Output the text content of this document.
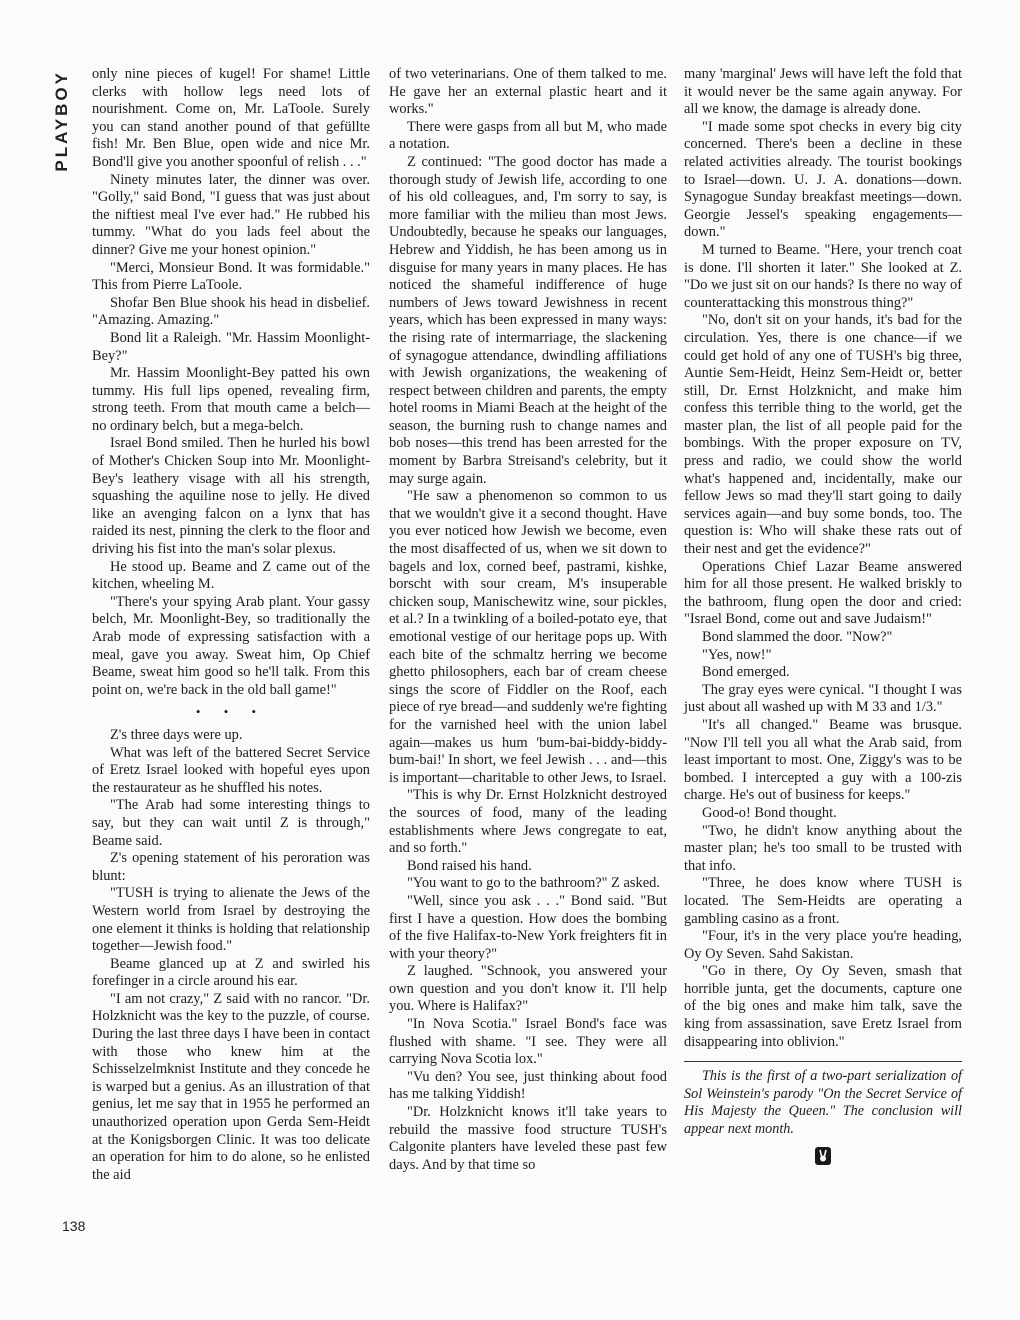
PLAYBOY
138

only nine pieces of kugel! For shame! Little clerks with hollow legs need lots of nourishment. Come on, Mr. LaToole. Surely you can stand another pound of that gefüllte fish! Mr. Ben Blue, open wide and nice Mr. Bond'll give you another spoonful of relish . . ."

Ninety minutes later, the dinner was over. "Golly," said Bond, "I guess that was just about the niftiest meal I've ever had." He rubbed his tummy. "What do you lads feel about the dinner? Give me your honest opinion."

"Merci, Monsieur Bond. It was formidable." This from Pierre LaToole.

Shofar Ben Blue shook his head in disbelief. "Amazing. Amazing."

Bond lit a Raleigh. "Mr. Hassim Moonlight-Bey?"

Mr. Hassim Moonlight-Bey patted his own tummy. His full lips opened, revealing firm, strong teeth. From that mouth came a belch—no ordinary belch, but a mega-belch.

Israel Bond smiled. Then he hurled his bowl of Mother's Chicken Soup into Mr. Moonlight-Bey's leathery visage with all his strength, squashing the aquiline nose to jelly. He dived like an avenging falcon on a lynx that has raided its nest, pinning the clerk to the floor and driving his fist into the man's solar plexus.

He stood up. Beame and Z came out of the kitchen, wheeling M.

"There's your spying Arab plant. Your gassy belch, Mr. Moonlight-Bey, so traditionally the Arab mode of expressing satisfaction with a meal, gave you away. Sweat him, Op Chief Beame, sweat him good so he'll talk. From this point on, we're back in the old ball game!"

• • •

Z's three days were up.

What was left of the battered Secret Service of Eretz Israel looked with hopeful eyes upon the restaurateur as he shuffled his notes.

"The Arab had some interesting things to say, but they can wait until Z is through," Beame said.

Z's opening statement of his peroration was blunt:

"TUSH is trying to alienate the Jews of the Western world from Israel by destroying the one element it thinks is holding that relationship together—Jewish food."

Beame glanced up at Z and swirled his forefinger in a circle around his ear.

"I am not crazy," Z said with no rancor. "Dr. Holzknicht was the key to the puzzle, of course. During the last three days I have been in contact with those who knew him at the Schisselzelmknist Institute and they concede he is warped but a genius. As an illustration of that genius, let me say that in 1955 he performed an unauthorized operation upon Gerda Sem-Heidt at the Konigsborgen Clinic. It was too delicate an operation for him to do alone, so he enlisted the aid

of two veterinarians. One of them talked to me. He gave her an external plastic heart and it works."

There were gasps from all but M, who made a notation.

Z continued: "The good doctor has made a thorough study of Jewish life, according to one of his old colleagues, and, I'm sorry to say, is more familiar with the milieu than most Jews. Undoubtedly, because he speaks our languages, Hebrew and Yiddish, he has been among us in disguise for many years in many places. He has noticed the shameful indifference of huge numbers of Jews toward Jewishness in recent years, which has been expressed in many ways: the rising rate of intermarriage, the slackening of synagogue attendance, dwindling affiliations with Jewish organizations, the weakening of respect between children and parents, the empty hotel rooms in Miami Beach at the height of the season, the burning rush to change names and bob noses—this trend has been arrested for the moment by Barbra Streisand's celebrity, but it may surge again.

"He saw a phenomenon so common to us that we wouldn't give it a second thought. Have you ever noticed how Jewish we become, even the most disaffected of us, when we sit down to bagels and lox, corned beef, pastrami, kishke, borscht with sour cream, M's insuperable chicken soup, Manischewitz wine, sour pickles, et al.? In a twinkling of a boiled-potato eye, that emotional vestige of our heritage pops up. With each bite of the schmaltz herring we become ghetto philosophers, each bar of cream cheese sings the score of Fiddler on the Roof, each piece of rye bread—and suddenly we're fighting for the varnished heel with the union label again—makes us hum 'bum-bai-biddy-biddy-bum-bai!' In short, we feel Jewish . . . and—this is important—charitable to other Jews, to Israel.

"This is why Dr. Ernst Holzknicht destroyed the sources of food, many of the leading establishments where Jews congregate to eat, and so forth."

Bond raised his hand.

"You want to go to the bathroom?" Z asked.

"Well, since you ask . . ." Bond said. "But first I have a question. How does the bombing of the five Halifax-to-New York freighters fit in with your theory?"

Z laughed. "Schnook, you answered your own question and you don't know it. I'll help you. Where is Halifax?"

"In Nova Scotia." Israel Bond's face was flushed with shame. "I see. They were all carrying Nova Scotia lox."

"Vu den? You see, just thinking about food has me talking Yiddish!

"Dr. Holzknicht knows it'll take years to rebuild the massive food structure TUSH's Calgonite planters have leveled these past few days. And by that time so

many 'marginal' Jews will have left the fold that it would never be the same again anyway. For all we know, the damage is already done.

"I made some spot checks in every big city concerned. There's been a decline in these related activities already. The tourist bookings to Israel—down. U. J. A. donations—down. Synagogue Sunday breakfast meetings—down. Georgie Jessel's speaking engagements—down."

M turned to Beame. "Here, your trench coat is done. I'll shorten it later." She looked at Z. "Do we just sit on our hands? Is there no way of counterattacking this monstrous thing?"

"No, don't sit on your hands, it's bad for the circulation. Yes, there is one chance—if we could get hold of any one of TUSH's big three, Auntie Sem-Heidt, Heinz Sem-Heidt or, better still, Dr. Ernst Holzknicht, and make him confess this terrible thing to the world, get the master plan, the list of all people paid for the bombings. With the proper exposure on TV, press and radio, we could show the world what's happened and, incidentally, make our fellow Jews so mad they'll start going to daily services again—and buy some bonds, too. The question is: Who will shake these rats out of their nest and get the evidence?"

Operations Chief Lazar Beame answered him for all those present. He walked briskly to the bathroom, flung open the door and cried: "Israel Bond, come out and save Judaism!"

Bond slammed the door. "Now?"

"Yes, now!"

Bond emerged.

The gray eyes were cynical. "I thought I was just about all washed up with M 33 and 1/3."

"It's all changed." Beame was brusque. "Now I'll tell you all what the Arab said, from least important to most. One, Ziggy's was to be bombed. I intercepted a guy with a 100-zis charge. He's out of business for keeps."

Good-o! Bond thought.

"Two, he didn't know anything about the master plan; he's too small to be trusted with that info.

"Three, he does know where TUSH is located. The Sem-Heidts are operating a gambling casino as a front.

"Four, it's in the very place you're heading, Oy Oy Seven. Sahd Sakistan.

"Go in there, Oy Oy Seven, smash that horrible junta, get the documents, capture one of the big ones and make him talk, save the king from assassination, save Eretz Israel from disappearing into oblivion."

This is the first of a two-part serialization of Sol Weinstein's parody "On the Secret Service of His Majesty the Queen." The conclusion will appear next month.
